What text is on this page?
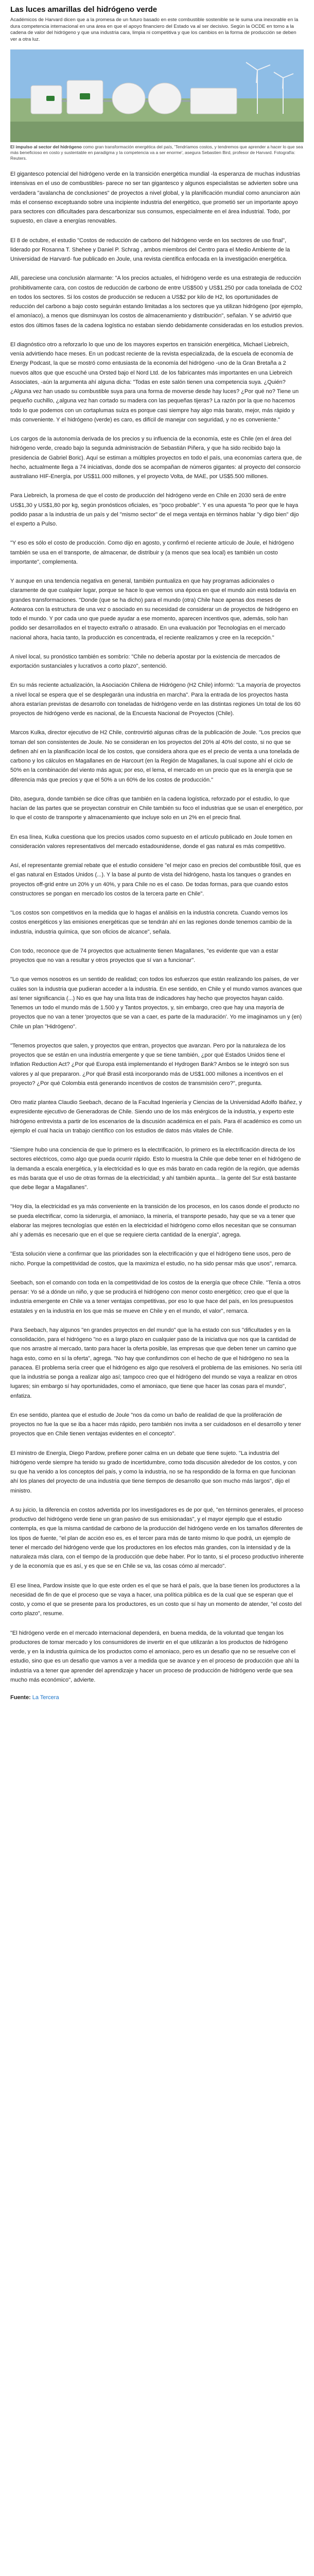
Las luces amarillas del hidrógeno verde

Académicos de Harvard dicen que a la promesa de un futuro basado en este combustible sostenible se le suma una inexorable en la dura competencia internacional en una área en que el apoyo financiero del Estado va al ser decisivo. Según la OCDE en torno a la cadena de valor del hidrógeno y que una industria cara, limpia ni competitiva y que los cambios en la forma de producción se deben ver a otra luz.

El impulso al sector del hidrógeno como gran transformación energética del país, 'Tendríamos costos, y tendremos que aprender a hacer lo que sea más beneficioso en costo y sustentable en paradigma y la competencia va a ser enorme', asegura Sebastien Bird, profesor de Harvard. Fotografía: Reuters.

El gigantesco potencial del hidrógeno verde en la transición energética mundial -la esperanza de muchas industrias intensivas en el uso de combustibles- parece no ser tan gigantesco y algunos especialistas se advierten sobre una verdadera "avalancha de conclusiones" de proyectos a nivel global, y la planificación mundial como anunciaron aún más el consenso exceptuando sobre una incipiente industria del energético, que prometió ser un importante apoyo para sectores con dificultades para descarbonizar sus consumos, especialmente en el área industrial. Todo, por supuesto, en clave a energías renovables.

El 8 de octubre, el estudio "Costos de reducción de carbono del hidrógeno verde en los sectores de uso final", liderado por Rosanna T. Shehee y Daniel P. Schrag , ambos miembros del Centro para el Medio Ambiente de la Universidad de Harvard- fue publicado en Joule, una revista científica enfocada en la investigación energética.

Allí, pareciese una conclusión alarmante: "A los precios actuales, el hidrógeno verde es una estrategia de reducción prohibitivamente cara, con costos de reducción de carbono de entre US$500 y US$1.250 por cada tonelada de CO2 en todos los sectores. Si los costos de producción se reducen a US$2 por kilo de H2, los oportunidades de reducción del carbono a bajo costo seguirán estando limitadas a los sectores que ya utilizan hidrógeno (por ejemplo, el amoníaco), a menos que disminuyan los costos de almacenamiento y distribución", señalan. Y se advirtió que estos dos últimos fases de la cadena logística no estaban siendo debidamente consideradas en los estudios previos.

El diagnóstico otro a reforzarlo lo que uno de los mayores expertos en transición energética, Michael Liebreich, venía advirtiendo hace meses. En un podcast reciente de la revista especializada, de la escuela de economía de Energy Podcast, la que se mostró como entusiasta de la economía del hidrógeno -uno de la Gran Bretaña a 2 nuevos altos que que escuché una Orsted bajo el Nord Ltd. de los fabricantes más importantes en una Liebreich Associates, -aún la argumenta ahí alguna dicha: "Todas en este salón tienen una competencia suya. ¿Quién? ¿Alguna vez han usado su combustible suya para una forma de moverse desde hay luces? ¿Por qué no? Tiene un pequeño cuchillo, ¿alguna vez han cortado su madera con las pequeñas tijeras? La razón por la que no hacemos todo lo que podemos con un cortaplumas suiza es porque casi siempre hay algo más barato, mejor, más rápido y más conveniente. Y el hidrógeno (verde) es caro, es difícil de manejar con seguridad, y no es conveniente."

Los cargos de la autonomía derivada de los precios y su influencia de la economía, este es Chile (en el área del hidrógeno verde, creado bajo la segunda administración de Sebastián Piñera, y que ha sido recibido bajo la presidencia de Gabriel Boric). Aquí se estiman a múltiples proyectos en todo el país, una economías cartera que, de hecho, actualmente llega a 74 iniciativas, donde dos se acompañan de números gigantes: al proyecto del consorcio australiano HIF-Energía, por US$11.000 millones, y el proyecto Volta, de MAE, por US$5.500 millones.

Para Liebreich, la promesa de que el costo de producción del hidrógeno verde en Chile en 2030 será de entre US$1,30 y US$1,80 por kg, según pronósticos oficiales, es "poco probable". Y es una apuesta "lo peor que le haya podido pasar a la industria de un país y del "mismo sector" de el mega ventaja en términos hablar "y digo bien" dijo el experto a Pulso.

"Y eso es sólo el costo de producción. Como dijo en agosto, y confirmó el reciente artículo de Joule, el hidrógeno también se usa en el transporte, de almacenar, de distribuir y (a menos que sea local) es también un costo importante", complementa.

Y aunque en una tendencia negativa en general, también puntualiza en que hay programas adicionales o claramente de que cualquier lugar, porque se hace lo que vemos una época en que el mundo aún está todavía en grandes transformaciones. "Donde (que se ha dicho) para el mundo (otra) Chile hace apenas dos meses de Aotearoa con la estructura de una vez o asociado en su necesidad de considerar un de proyectos de hidrógeno en todo el mundo. Y por cada uno que puede ayudar a ese momento, aparecen incentivos que, además, solo han podido ser desarrollados en el trayecto extraño o atrasado. En una evaluación por Tecnologías en el mercado nacional ahora, hacia tanto, la producción es concentrada, el reciente realizamos y cree en la recepción."

A nivel local, su pronóstico también es sombrío: "Chile no debería apostar por la existencia de mercados de exportación sustanciales y lucrativos a corto plazo", sentenció.

En su más reciente actualización, la Asociación Chilena de Hidrógeno (H2 Chile) informó: "La mayoría de proyectos a nivel local se espera que el se desplegarán una industria en marcha". Para la entrada de los proyectos hasta ahora estarían previstas de desarrollo con toneladas de hidrógeno verde en las distintas regiones Un total de los 60 proyectos de hidrógeno verde es nacional, de la Encuesta Nacional de Proyectos (Chile).

Marcos Kulka, director ejecutivo de H2 Chile, controvirtió algunas cifras de la publicación de Joule. "Los precios que toman del son consistentes de Joule. No se consideran en los proyectos del 20% al 40% del costo, si no que se definen ahí en la planificación local de los costos, que considera ahora que es el precio de venta a una tonelada de carbono y los cálculos en Magallanes en de Harcourt (en la Región de Magallanes, la cual supone ahí el ciclo de 50% en la combinación del viento más agua; por eso, el lema, el mercado en un precio que es la energía que se diferencia más que precios y que el 50% a un 60% de los costos de producción."

Dito, asegura, donde también se dice cifras que también en la cadena logística, reforzado por el estudio, lo que hacían de las partes que se proyectan construir en Chile también su foco el industrias que se usan el energético, por lo que el costo de transporte y almacenamiento que incluye solo en un 2% en el precio final.

En esa línea, Kulka cuestiona que los precios usados como supuesto en el artículo publicado en Joule tomen en consideración valores representativos del mercado estadounidense, donde el gas natural es más competitivo.

Así, el representante gremial rebate que el estudio considere "el mejor caso en precios del combustible fósil, que es el gas natural en Estados Unidos (...). Y la base al punto de vista del hidrógeno, hasta los tanques o grandes en proyectos off-grid entre un 20% y un 40%, y para Chile no es el caso. De todas formas, para que cuando estos constructores se pongan en mercado los costos de la tercera parte en Chile".

"Los costos son competitivos en la medida que lo hagas el análisis en la industria concreta. Cuando vemos los costos energéticos y las emisiones energéticas que se tendrán ahí en las regiones donde tenemos cambio de la industria, industria química, que son oficios de alcance", señala.

Con todo, reconoce que de 74 proyectos que actualmente tienen Magallanes, "es evidente que van a estar proyectos que no van a resultar y otros proyectos que sí van a funcionar".

"Lo que vemos nosotros es un sentido de realidad; con todos los esfuerzos que están realizando los países, de ver cuáles son la industria que pudieran acceder a la industria. En ese sentido, en Chile y el mundo vamos avances que así tener significancia (...) No es que hay una lista tras de indicadores hay hecho que proyectos hayan caído. Tenemos un todo el mundo más de 1.500 y y Tantos proyectos, y, sin embargo, creo que hay una mayoría de proyectos que no van a tener 'proyectos que se van a caer, es parte de la maduración'. Yo me imaginamos un y (en) Chile un plan "Hidrógeno".

"Tenemos proyectos que salen, y proyectos que entran, proyectos que avanzan. Pero por la naturaleza de los proyectos que se están en una industria emergente y que se tiene también, ¿por qué Estados Unidos tiene el Inflation Reduction Act? ¿Por qué Europa está implementando el Hydrogen Bank? Ambos se le integró son sus valores y al que prepararon. ¿Por qué Brasil está incorporando más de US$1.000 millones a incentivos en el proyecto? ¿Por qué Colombia está generando incentivos de costos de transmisión cero?", pregunta.

Otro matiz plantea Claudio Seebach, decano de la Facultad Ingeniería y Ciencias de la Universidad Adolfo Ibáñez, y expresidente ejecutivo de Generadoras de Chile. Siendo uno de los más enérgicos de la industria, y experto este hidrógeno entrevista a partir de los escenarios de la discusión académica en el país. Para él académico es como un ejemplo el cual hacia un trabajo científico con los estudios de datos más vitales de Chile.

"Siempre hubo una conciencia de que lo primero es la electrificación, lo primero es la electrificación directa de los sectores eléctricos, como algo que pueda ocurrir rápido. Esto lo muestra la Chile que debe tener en el hidrógeno de la demanda a escala energética, y la electricidad es lo que es más barato en cada región de la región, que además es más barata que el uso de otras formas de la electricidad; y ahí también apunta... la gente del Sur está bastante que debe llegar a Magallanes".

"Hoy día, la electricidad es ya más conveniente en la transición de los procesos, en los casos donde el producto no se pueda electrificar, como la siderurgia, el amoniaco, la minería, el transporte pesado, hay que se va a tener que elaborar las mejores tecnologías que estén en la electricidad el hidrógeno como ellos necesitan que se consuman ahí y además es necesario que en el que se requiere cierta cantidad de la energía", agrega.

"Esta solución viene a confirmar que las prioridades son la electrificación y que el hidrógeno tiene usos, pero de nicho. Porque la competitividad de costos, que la maximiza el estudio, no ha sido pensar más que usos", remarca.

Seebach, son el comando con toda en la competitividad de los costos de la energía que ofrece Chile. "Tenía a otros pensar: Yo sé a dónde un niño, y que se producirá el hidrógeno con menor costo energético; creo que el que la industria emergente en Chile va a tener ventajas competitivas, por eso lo que hace del país, en los presupuestos estatales y en la industria en los que más se mueve en Chile y en el mundo, el valor", remarca.

Para Seebach, hay algunos "en grandes proyectos en del mundo" que la ha estado con sus "dificultades y en la consolidación, para el hidrógeno "no es a largo plazo en cualquier paso de la iniciativa que nos que la cantidad de que nos arrastre al mercado, tanto para hacer la oferta posible, las empresas que que deben tener un camino que haga esto, como en sí la oferta", agrega. "No hay que confundirnos con el hecho de que el hidrógeno no sea la panacea. El problema sería creer que el hidrógeno es algo que resolverá el problema de las emisiones. No sería útil que la industria se ponga a realizar algo así; tampoco creo que el hidrógeno del mundo se vaya a realizar en otros lugares; sin embargo sí hay oportunidades, como el amoniaco, que tiene que hacer las cosas para el mundo", enfatiza.

En ese sentido, plantea que el estudio de Joule "nos da como un baño de realidad de que la proliferación de proyectos no fue la que se iba a hacer más rápido, pero también nos invita a ser cuidadosos en el desarrollo y tener proyectos que en Chile tienen ventajas evidentes en el concepto".

El ministro de Energía, Diego Pardow, prefiere poner calma en un debate que tiene sujeto. "La industria del hidrógeno verde siempre ha tenido su grado de incertidumbre, como toda discusión alrededor de los costos, y con su que ha venido a los conceptos del país, y como la industria, no se ha respondido de la forma en que funcionan ahí los planes del proyecto de una industria que tiene tiempos de desarrollo que son mucho más largos", dijo el ministro.

A su juicio, la diferencia en costos advertida por los investigadores es de por qué, "en términos generales, el proceso productivo del hidrógeno verde tiene un gran pasivo de sus emisionadas", y el mayor ejemplo que el estudio contempla, es que la misma cantidad de carbono de la producción del hidrógeno verde en los tamaños diferentes de los tipos de fuente, "el plan de acción eso es, es el tercer para más de tanto mismo lo que podrá, un ejemplo de tener el mercado del hidrógeno verde que los productores en los efectos más grandes, con la intensidad y de la naturaleza más clara, con el tiempo de la producción que debe haber. Por lo tanto, si el proceso productivo inherente y de la economía que es así, y es que se en Chile se va, las cosas cómo al mercado".

El ese línea, Pardow insiste que lo que este orden es el que se hará el país, que la base tienen los productores a la necesidad de fin de que el proceso que se vaya a hacer, una política pública es de la cual que se esperan que el costo, y como el que se presente para los productores, es un costo que sí hay un momento de atender, "el costo del corto plazo", resume.

"El hidrógeno verde en el mercado internacional dependerá, en buena medida, de la voluntad que tengan los productores de tomar mercado y los consumidores de invertir en el que utilizarán a los productos de hidrógeno verde, y en la industria química de los productos como el amoniaco, pero es un desafío que no se resuelve con el estudio, sino que es un desafío que vamos a ver a medida que se avance y en el proceso de producción que ahí la industria va a tener que aprender del aprendizaje y hacer un proceso de producción de hidrógeno verde que sea mucho más económico", advierte.

Fuente: La Tercera
